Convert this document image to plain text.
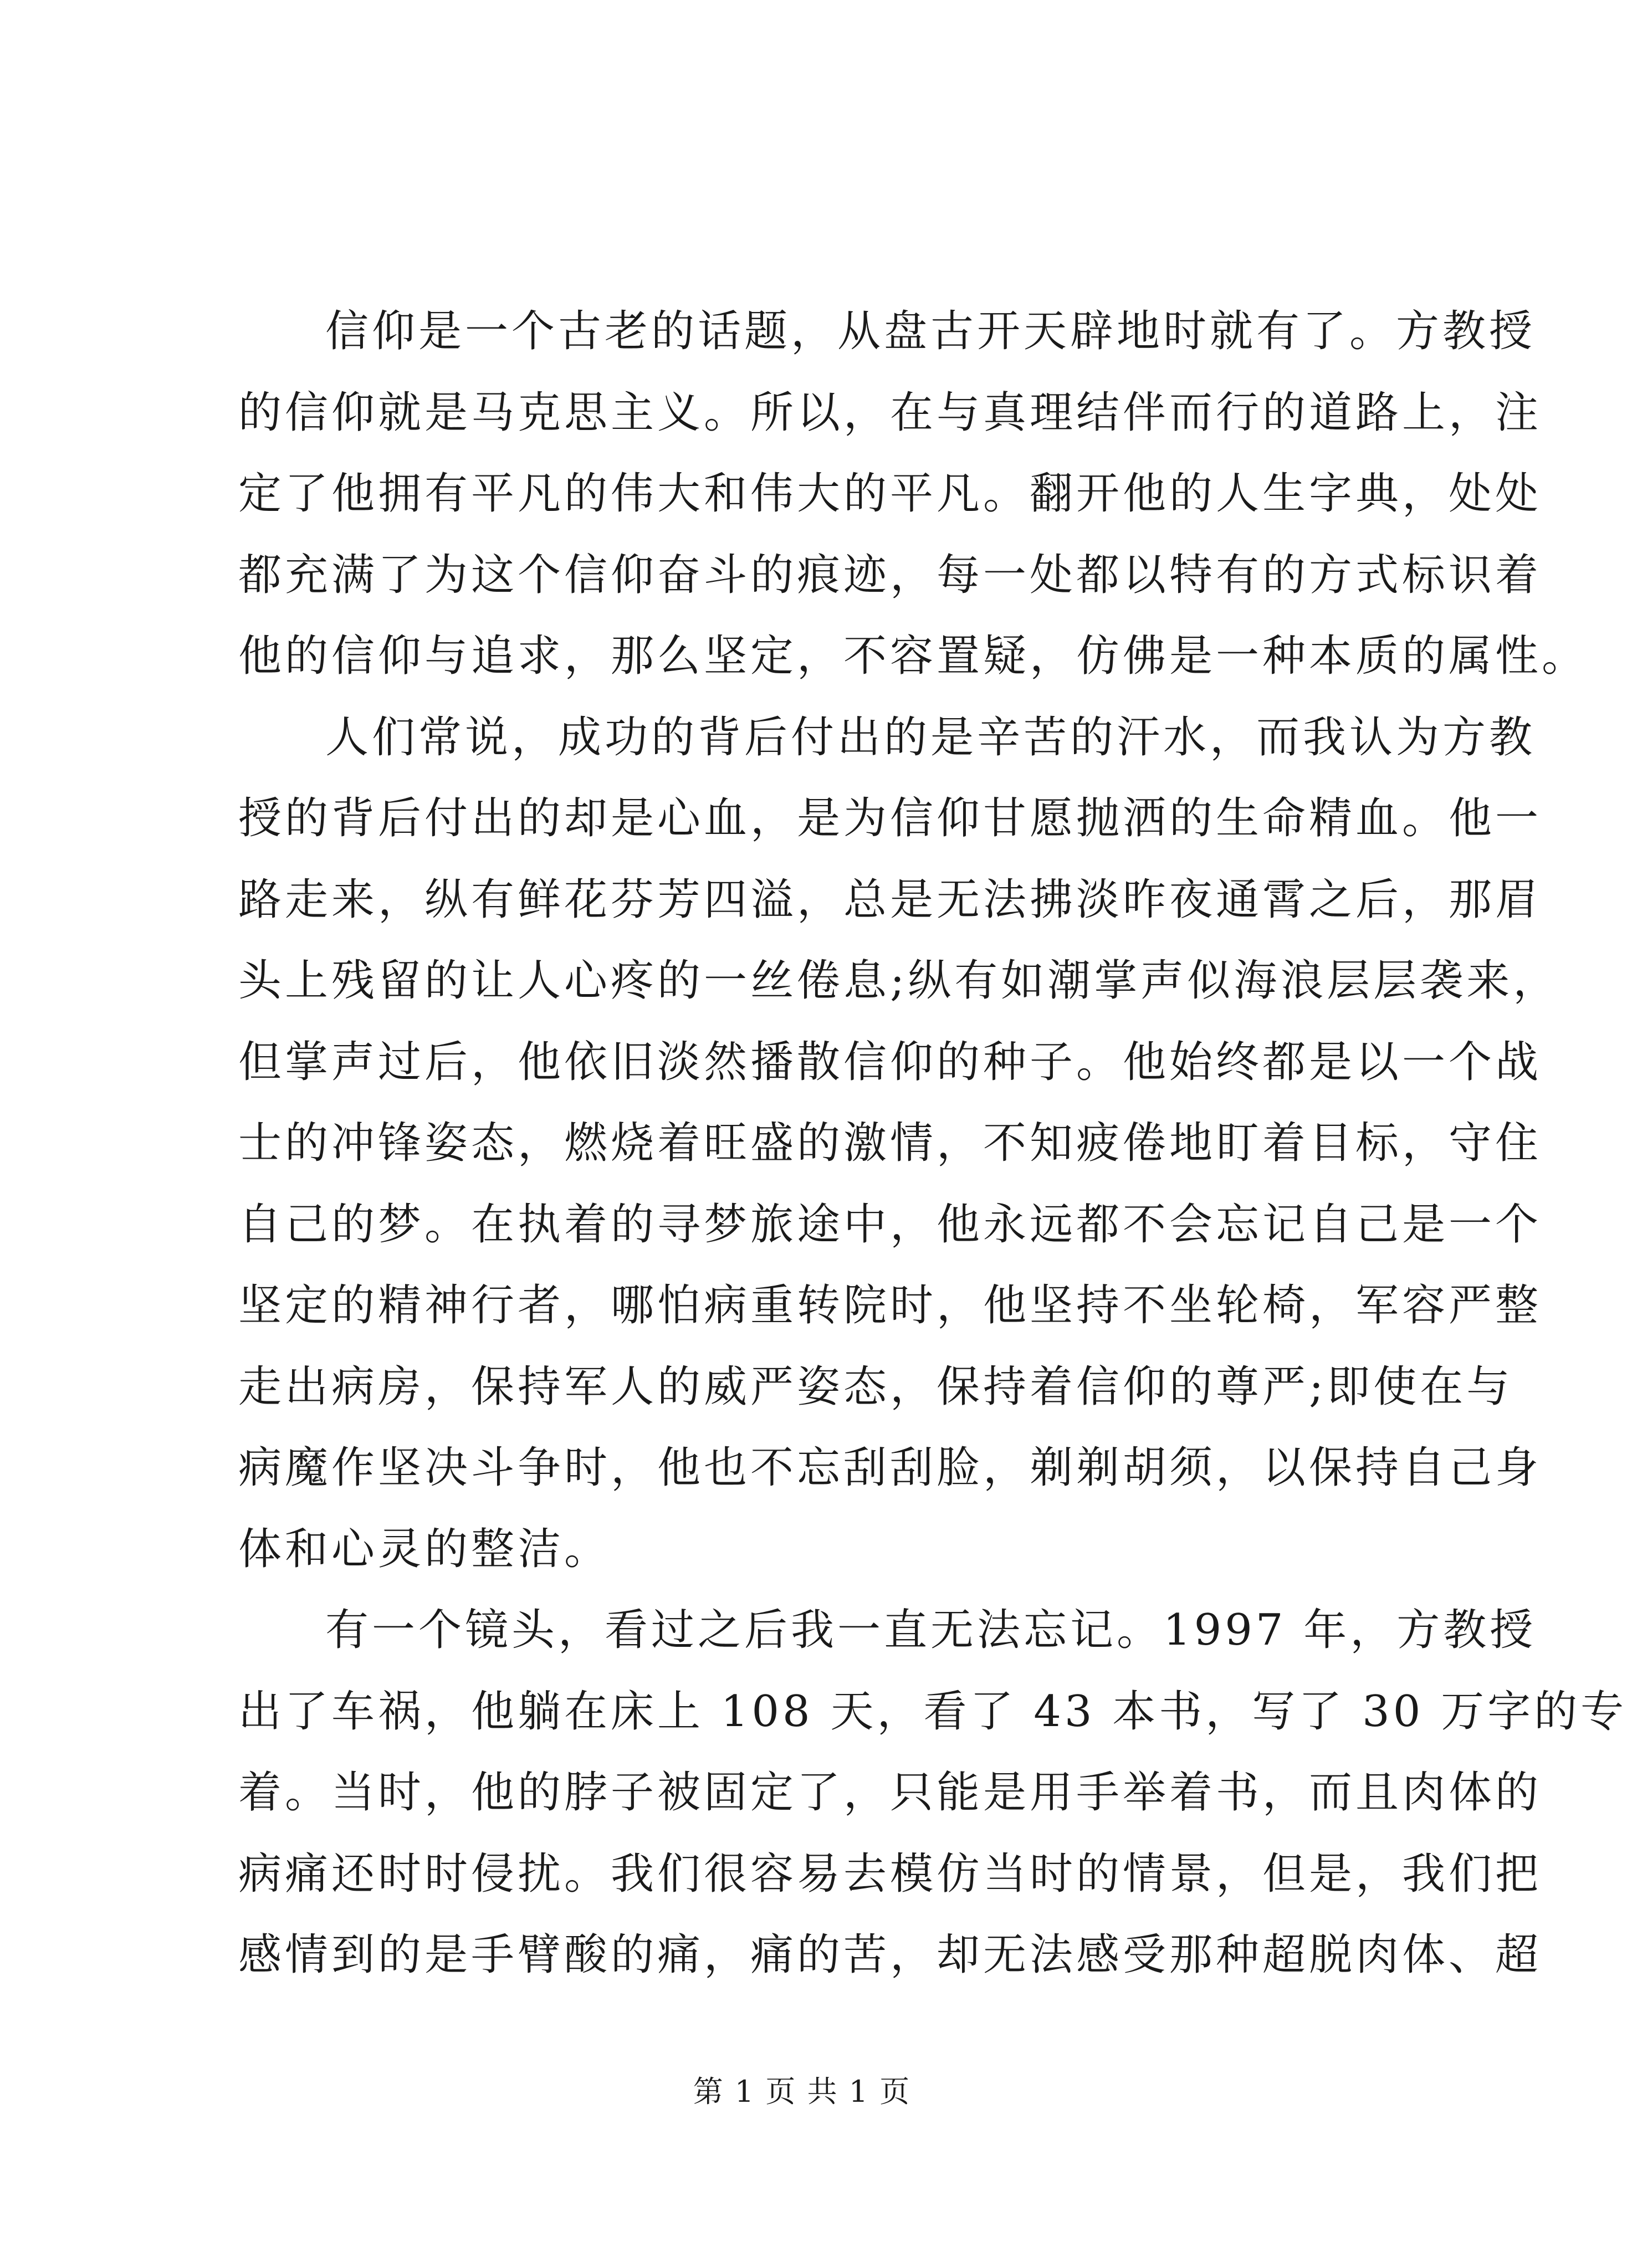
信仰是一个古老的话题，从盘古开天辟地时就有了。方教授
的信仰就是马克思主义。所以，在与真理结伴而行的道路上，注
定了他拥有平凡的伟大和伟大的平凡。翻开他的人生字典，处处
都充满了为这个信仰奋斗的痕迹，每一处都以特有的方式标识着
他的信仰与追求，那么坚定，不容置疑，仿佛是一种本质的属性。
人们常说，成功的背后付出的是辛苦的汗水，而我认为方教
授的背后付出的却是心血，是为信仰甘愿抛洒的生命精血。他一
路走来，纵有鲜花芬芳四溢，总是无法拂淡昨夜通霄之后，那眉
头上残留的让人心疼的一丝倦息;纵有如潮掌声似海浪层层袭来，
但掌声过后，他依旧淡然播散信仰的种子。他始终都是以一个战
士的冲锋姿态，燃烧着旺盛的激情，不知疲倦地盯着目标，守住
自己的梦。在执着的寻梦旅途中，他永远都不会忘记自己是一个
坚定的精神行者，哪怕病重转院时，他坚持不坐轮椅，军容严整
走出病房，保持军人的威严姿态，保持着信仰的尊严;即使在与
病魔作坚决斗争时，他也不忘刮刮脸，剃剃胡须，以保持自己身
体和心灵的整洁。
有一个镜头，看过之后我一直无法忘记。1997 年，方教授
出了车祸，他躺在床上 108 天，看了 43 本书，写了 30 万字的专
着。当时，他的脖子被固定了，只能是用手举着书，而且肉体的
病痛还时时侵扰。我们很容易去模仿当时的情景，但是，我们把
感情到的是手臂酸的痛，痛的苦，却无法感受那种超脱肉体、超
第 1 页 共 1 页
